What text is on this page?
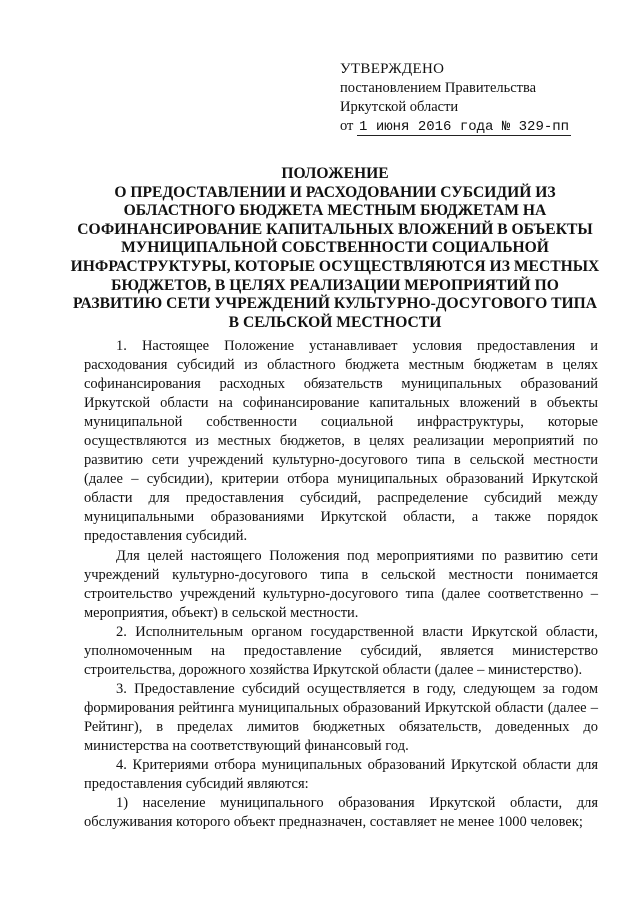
УТВЕРЖДЕНО
постановлением Правительства
Иркутской области
от 1 июня 2016 года № 329-пп
ПОЛОЖЕНИЕ
О ПРЕДОСТАВЛЕНИИ И РАСХОДОВАНИИ СУБСИДИЙ ИЗ ОБЛАСТНОГО БЮДЖЕТА МЕСТНЫМ БЮДЖЕТАМ НА СОФИНАНСИРОВАНИЕ КАПИТАЛЬНЫХ ВЛОЖЕНИЙ В ОБЪЕКТЫ МУНИЦИПАЛЬНОЙ СОБСТВЕННОСТИ СОЦИАЛЬНОЙ ИНФРАСТРУКТУРЫ, КОТОРЫЕ ОСУЩЕСТВЛЯЮТСЯ ИЗ МЕСТНЫХ БЮДЖЕТОВ, В ЦЕЛЯХ РЕАЛИЗАЦИИ МЕРОПРИЯТИЙ ПО РАЗВИТИЮ СЕТИ УЧРЕЖДЕНИЙ КУЛЬТУРНО-ДОСУГОВОГО ТИПА В СЕЛЬСКОЙ МЕСТНОСТИ

1. Настоящее Положение устанавливает условия предоставления и расходования субсидий из областного бюджета местным бюджетам в целях софинансирования расходных обязательств муниципальных образований Иркутской области на софинансирование капитальных вложений в объекты муниципальной собственности социальной инфраструктуры, которые осуществляются из местных бюджетов, в целях реализации мероприятий по развитию сети учреждений культурно-досугового типа в сельской местности (далее – субсидии), критерии отбора муниципальных образований Иркутской области для предоставления субсидий, распределение субсидий между муниципальными образованиями Иркутской области, а также порядок предоставления субсидий.

Для целей настоящего Положения под мероприятиями по развитию сети учреждений культурно-досугового типа в сельской местности понимается строительство учреждений культурно-досугового типа (далее соответственно – мероприятия, объект) в сельской местности.

2. Исполнительным органом государственной власти Иркутской области, уполномоченным на предоставление субсидий, является министерство строительства, дорожного хозяйства Иркутской области (далее – министерство).

3. Предоставление субсидий осуществляется в году, следующем за годом формирования рейтинга муниципальных образований Иркутской области (далее – Рейтинг), в пределах лимитов бюджетных обязательств, доведенных до министерства на соответствующий финансовый год.

4. Критериями отбора муниципальных образований Иркутской области для предоставления субсидий являются:

1) население муниципального образования Иркутской области, для обслуживания которого объект предназначен, составляет не менее 1000 человек;
